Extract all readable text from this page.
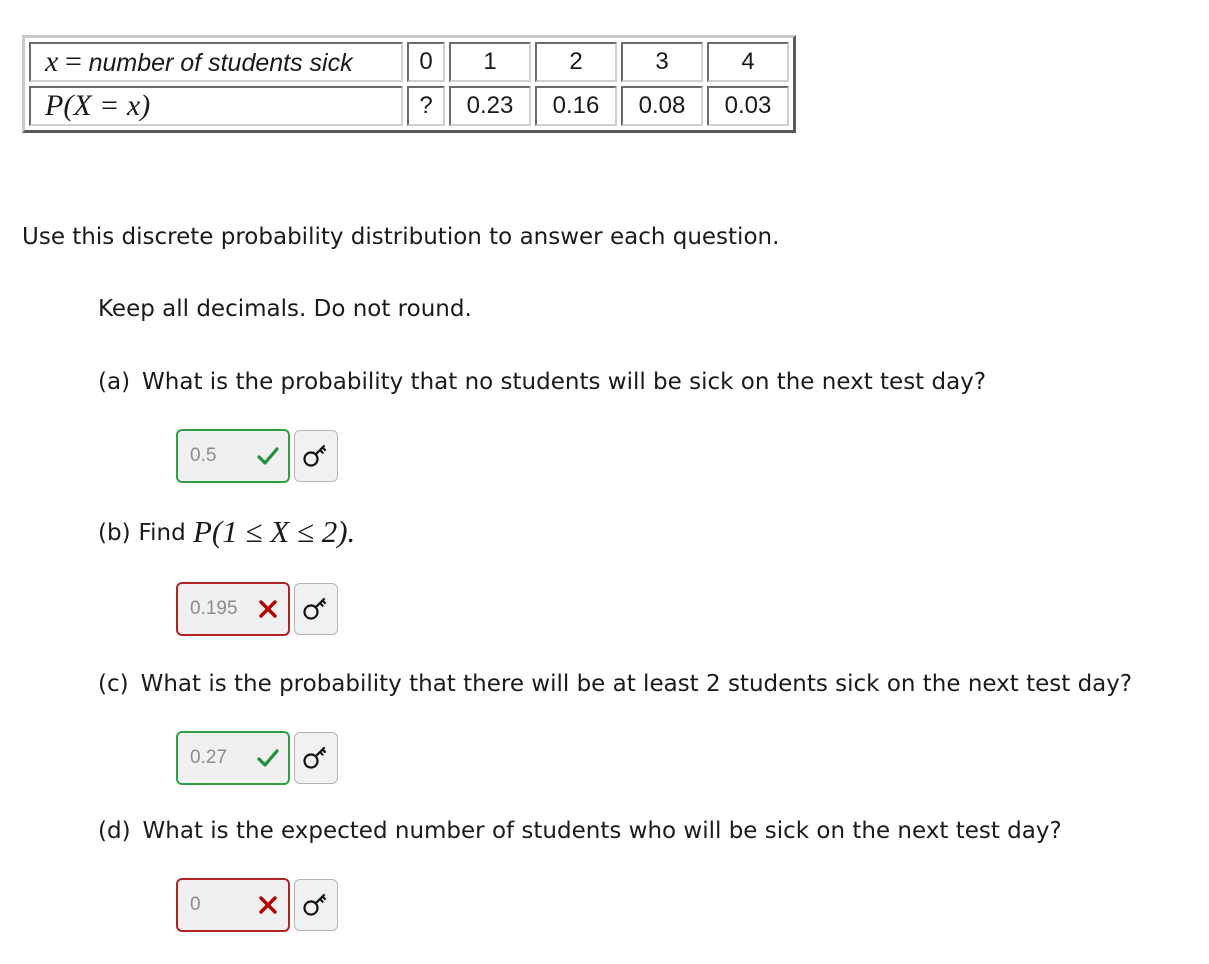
x = number of students sick	0	1	2	3	4
P(X = x)	?	0.23	0.16	0.08	0.03

Use this discrete probability distribution to answer each question.

Keep all decimals. Do not round.

(a) What is the probability that no students will be sick on the next test day?

0.5

(b) Find P(1 ≤ X ≤ 2).

0.195

(c) What is the probability that there will be at least 2 students sick on the next test day?

0.27

(d) What is the expected number of students who will be sick on the next test day?

0
